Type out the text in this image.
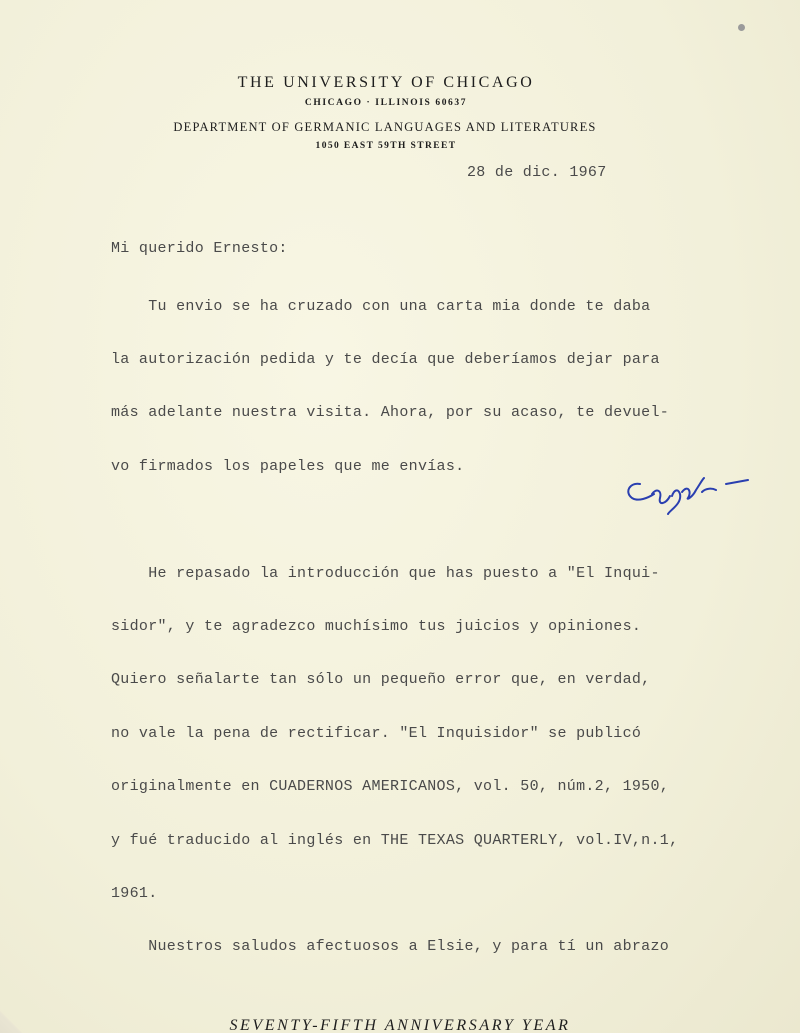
THE UNIVERSITY OF CHICAGO
CHICAGO · ILLINOIS 60637
DEPARTMENT OF GERMANIC LANGUAGES AND LITERATURES
1050 EAST 59TH STREET
28 de dic. 1967
Mi querido Ernesto:

Tu envio se ha cruzado con una carta mia donde te daba

la autorización pedida y te decía que deberíamos dejar para

más adelante nuestra visita. Ahora, por su acaso, te devuel-

vo firmados los papeles que me envías.

He repasado la introducción que has puesto a "El Inqui-

sidor", y te agradezco muchísimo tus juicios y opiniones.

Quiero señalarte tan sólo un pequeño error que, en verdad,

no vale la pena de rectificar. "El Inquisidor" se publicó

originalmente en CUADERNOS AMERICANOS, vol. 50, núm.2, 1950,

y fué traducido al inglés en THE TEXAS QUARTERLY, vol.IV,n.1,

1961.

Nuestros saludos afectuosos a Elsie, y para tí un abrazo

SEVENTY-FIFTH ANNIVERSARY YEAR
